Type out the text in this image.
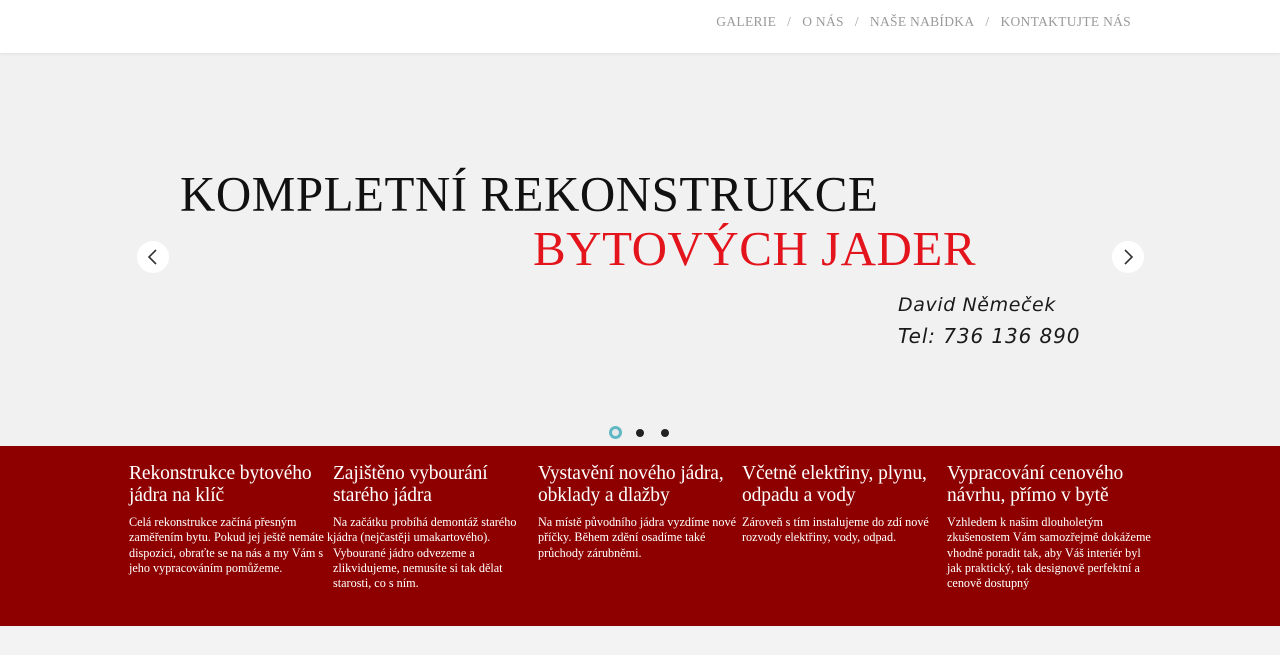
GALERIE / O NÁS / NAŠE NABÍDKA / KONTAKTUJTE NÁS
KOMPLETNÍ REKONSTRUKCE
BYTOVÝCH JADER
David Němeček
Tel: 736 136 890
Rekonstrukce bytového jádra na klíč

Celá rekonstrukce začíná přesným zaměřením bytu. Pokud jej ještě nemáte k dispozici, obraťte se na nás a my Vám s jeho vypracováním pomůžeme.

Zajištěno vybourání starého jádra

Na začátku probíhá demontáž starého jádra (nejčastěji umakartového). Vybourané jádro odvezeme a zlikvidujeme, nemusíte si tak dělat starosti, co s ním.

Vystavění nového jádra, obklady a dlažby

Na místě původního jádra vyzdíme nové příčky. Během zdění osadíme také průchody zárubněmi.

Včetně elektřiny, plynu, odpadu a vody

Zároveň s tím instalujeme do zdí nové rozvody elektřiny, vody, odpad.

Vypracování cenového návrhu, přímo v bytě

Vzhledem k našim dlouholetým zkušenostem Vám samozřejmě dokážeme vhodně poradit tak, aby Váš interiér byl jak praktický, tak designově perfektní a cenově dostupný
